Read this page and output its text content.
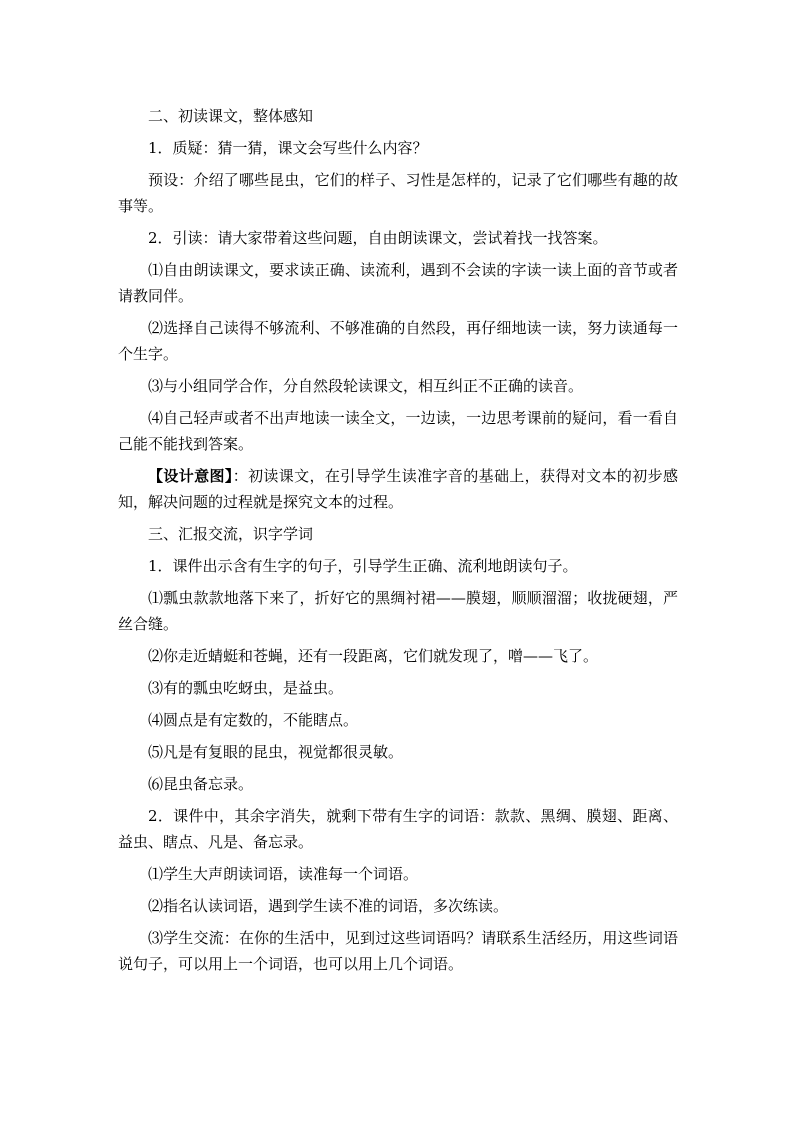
二、初读课文，整体感知

1．质疑：猜一猜，课文会写些什么内容？

预设：介绍了哪些昆虫，它们的样子、习性是怎样的，记录了它们哪些有趣的故事等。

2．引读：请大家带着这些问题，自由朗读课文，尝试着找一找答案。

⑴自由朗读课文，要求读正确、读流利，遇到不会读的字读一读上面的音节或者请教同伴。

⑵选择自己读得不够流利、不够准确的自然段，再仔细地读一读，努力读通每一个生字。

⑶与小组同学合作，分自然段轮读课文，相互纠正不正确的读音。

⑷自己轻声或者不出声地读一读全文，一边读，一边思考课前的疑问，看一看自己能不能找到答案。

【设计意图】：初读课文，在引导学生读准字音的基础上，获得对文本的初步感知，解决问题的过程就是探究文本的过程。

三、汇报交流，识字学词

1．课件出示含有生字的句子，引导学生正确、流利地朗读句子。

⑴瓢虫款款地落下来了，折好它的黑绸衬裙——膜翅，顺顺溜溜；收拢硬翅，严丝合缝。

⑵你走近蜻蜓和苍蝇，还有一段距离，它们就发现了，噌——飞了。

⑶有的瓢虫吃蚜虫，是益虫。

⑷圆点是有定数的，不能瞎点。

⑸凡是有复眼的昆虫，视觉都很灵敏。

⑹昆虫备忘录。

2．课件中，其余字消失，就剩下带有生字的词语：款款、黑绸、膜翅、距离、益虫、瞎点、凡是、备忘录。

⑴学生大声朗读词语，读准每一个词语。

⑵指名认读词语，遇到学生读不准的词语，多次练读。

⑶学生交流：在你的生活中，见到过这些词语吗？请联系生活经历，用这些词语说句子，可以用上一个词语，也可以用上几个词语。
